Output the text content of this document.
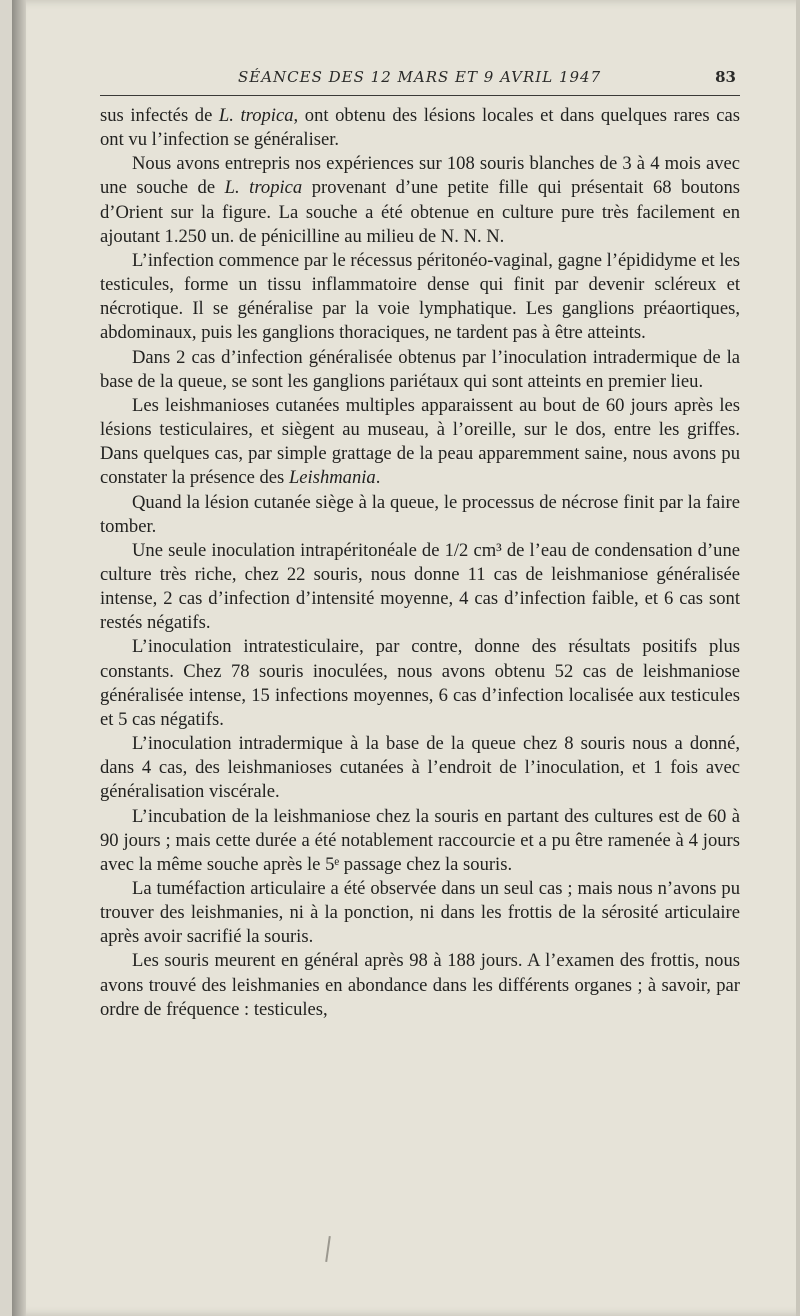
SÉANCES DES 12 MARS ET 9 AVRIL 1947	83

sus infectés de L. tropica, ont obtenu des lésions locales et dans quelques rares cas ont vu l’infection se généraliser.

Nous avons entrepris nos expériences sur 108 souris blanches de 3 à 4 mois avec une souche de L. tropica provenant d’une petite fille qui présentait 68 boutons d’Orient sur la figure. La souche a été obtenue en culture pure très facilement en ajoutant 1.250 un. de pénicilline au milieu de N. N. N.

L’infection commence par le récessus péritonéo-vaginal, gagne l’épididyme et les testicules, forme un tissu inflammatoire dense qui finit par devenir scléreux et nécrotique. Il se généralise par la voie lymphatique. Les ganglions préaortiques, abdominaux, puis les ganglions thoraciques, ne tardent pas à être atteints.

Dans 2 cas d’infection généralisée obtenus par l’inoculation intradermique de la base de la queue, se sont les ganglions pariétaux qui sont atteints en premier lieu.

Les leishmanioses cutanées multiples apparaissent au bout de 60 jours après les lésions testiculaires, et siègent au museau, à l’oreille, sur le dos, entre les griffes. Dans quelques cas, par simple grattage de la peau apparemment saine, nous avons pu constater la présence des Leishmania.

Quand la lésion cutanée siège à la queue, le processus de nécrose finit par la faire tomber.

Une seule inoculation intrapéritonéale de 1/2 cm³ de l’eau de condensation d’une culture très riche, chez 22 souris, nous donne 11 cas de leishmaniose généralisée intense, 2 cas d’infection d’intensité moyenne, 4 cas d’infection faible, et 6 cas sont restés négatifs.

L’inoculation intratesticulaire, par contre, donne des résultats positifs plus constants. Chez 78 souris inoculées, nous avons obtenu 52 cas de leishmaniose généralisée intense, 15 infections moyennes, 6 cas d’infection localisée aux testicules et 5 cas négatifs.

L’inoculation intradermique à la base de la queue chez 8 souris nous a donné, dans 4 cas, des leishmanioses cutanées à l’endroit de l’inoculation, et 1 fois avec généralisation viscérale.

L’incubation de la leishmaniose chez la souris en partant des cultures est de 60 à 90 jours ; mais cette durée a été notablement raccourcie et a pu être ramenée à 4 jours avec la même souche après le 5ᵉ passage chez la souris.

La tuméfaction articulaire a été observée dans un seul cas ; mais nous n’avons pu trouver des leishmanies, ni à la ponction, ni dans les frottis de la sérosité articulaire après avoir sacrifié la souris.

Les souris meurent en général après 98 à 188 jours. A l’examen des frottis, nous avons trouvé des leishmanies en abondance dans les différents organes ; à savoir, par ordre de fréquence : testicules,
